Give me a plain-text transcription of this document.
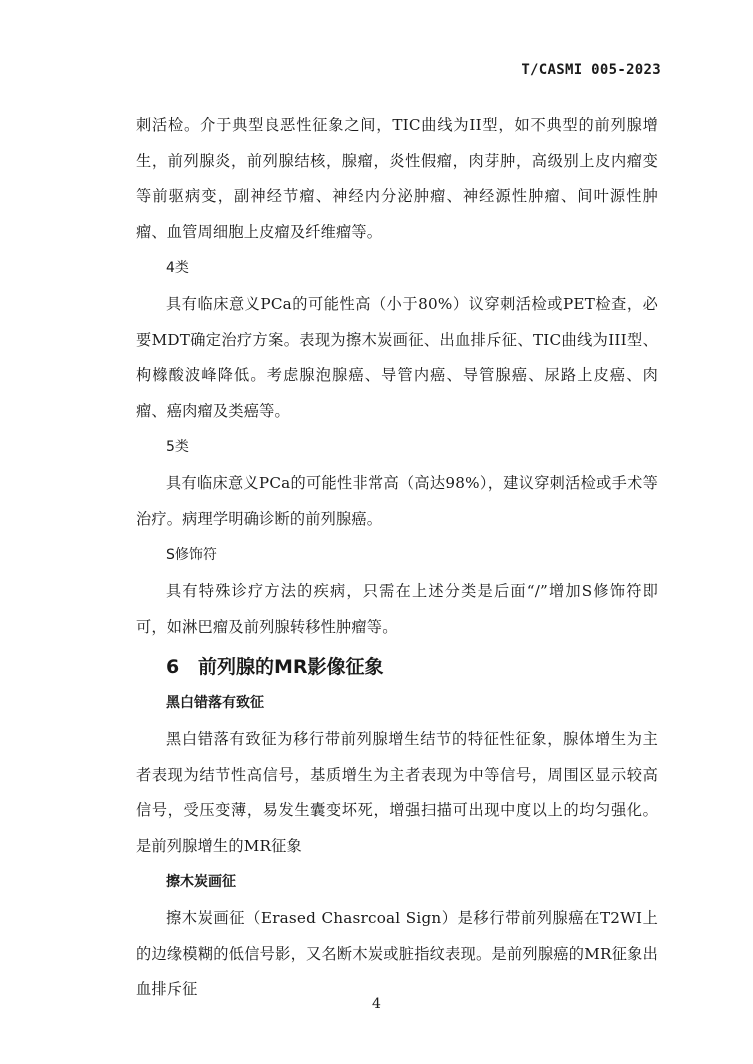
T/CASMI 005-2023

刺活检。介于典型良恶性征象之间，TIC曲线为II型，如不典型的前列腺增生，前列腺炎，前列腺结核，腺瘤，炎性假瘤，肉芽肿，高级别上皮内瘤变等前驱病变，副神经节瘤、神经内分泌肿瘤、神经源性肿瘤、间叶源性肿瘤、血管周细胞上皮瘤及纤维瘤等。

4类

具有临床意义PCa的可能性高（小于80%）议穿刺活检或PET检查，必要MDT确定治疗方案。表现为擦木炭画征、出血排斥征、TIC曲线为III型、枸橼酸波峰降低。考虑腺泡腺癌、导管内癌、导管腺癌、尿路上皮癌、肉瘤、癌肉瘤及类癌等。

5类

具有临床意义PCa的可能性非常高（高达98%），建议穿刺活检或手术等治疗。病理学明确诊断的前列腺癌。

S修饰符

具有特殊诊疗方法的疾病，只需在上述分类是后面“/”增加S修饰符即可，如淋巴瘤及前列腺转移性肿瘤等。

6 前列腺的MR影像征象
黑白错落有致征

黑白错落有致征为移行带前列腺增生结节的特征性征象，腺体增生为主者表现为结节性高信号，基质增生为主者表现为中等信号，周围区显示较高信号，受压变薄，易发生囊变坏死，增强扫描可出现中度以上的均匀强化。是前列腺增生的MR征象

擦木炭画征

擦木炭画征（Erased Chasrcoal Sign）是移行带前列腺癌在T2WI上的边缘模糊的低信号影，又名断木炭或脏指纹表现。是前列腺癌的MR征象出血排斥征

4
